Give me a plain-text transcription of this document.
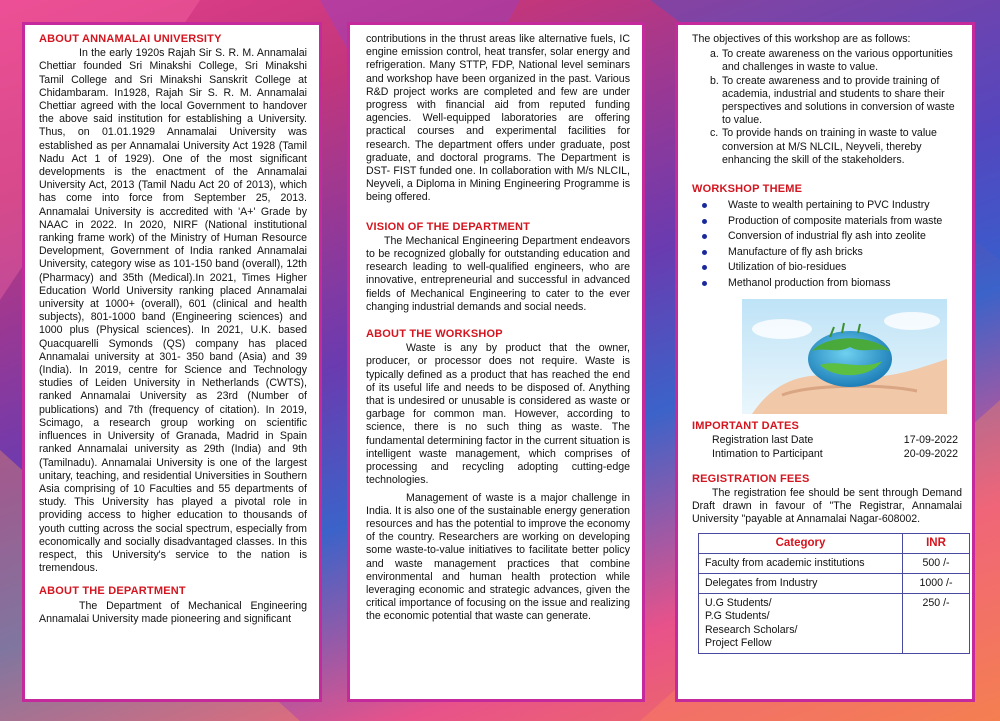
ABOUT ANNAMALAI UNIVERSITY

In the early 1920s Rajah Sir S. R. M. Annamalai Chettiar founded Sri Minakshi College, Sri Minakshi Tamil College and Sri Minakshi Sanskrit College at Chidambaram. In1928, Rajah Sir S. R. M. Annamalai Chettiar agreed with the local Government to handover the above said institution for establishing a University. Thus, on 01.01.1929 Annamalai University was established as per Annamalai University Act 1928 (Tamil Nadu Act 1 of 1929). One of the most significant developments is the enactment of the Annamalai University Act, 2013 (Tamil Nadu Act 20 of 2013), which has come into force from September 25, 2013. Annamalai University is accredited with 'A+' Grade by NAAC in 2022. In 2020, NIRF (National institutional ranking frame work) of the Ministry of Human Resource Development, Government of India ranked Annamalai University, category wise as 101-150 band (overall), 12th (Pharmacy) and 35th (Medical).In 2021, Times Higher Education World University ranking placed Annamalai university at 1000+ (overall), 601 (clinical and health subjects), 801-1000 band (Engineering sciences) and 1000 plus (Physical sciences). In 2021, U.K. based Quacquarelli Symonds (QS) company has placed Annamalai university at 301- 350 band (Asia) and 39 (India). In 2019, centre for Science and Technology studies of Leiden University in Netherlands (CWTS), ranked Annamalai University as 23rd (Number of publications) and 7th (frequency of citation). In 2019, Scimago, a research group working on scientific influences in University of Granada, Madrid in Spain ranked Annamalai university as 29th (India) and 9th (Tamilnadu). Annamalai University is one of the largest unitary, teaching, and residential Universities in Southern Asia comprising of 10 Faculties and 55 departments of study. This University has played a pivotal role in providing access to higher education to thousands of youth cutting across the social spectrum, especially from economically and socially disadvantaged classes. In this respect, this University's service to the nation is tremendous.

ABOUT THE DEPARTMENT

The Department of Mechanical Engineering Annamalai University made pioneering and significant

contributions in the thrust areas like alternative fuels, IC engine emission control, heat transfer, solar energy and refrigeration. Many STTP, FDP, National level seminars and workshop have been organized in the past. Various R&D project works are completed and few are under progress with financial aid from reputed funding agencies. Well-equipped laboratories are offering practical courses and experimental facilities for research. The department offers under graduate, post graduate, and doctoral programs. The Department is DST- FIST funded one. In collaboration with M/s NLCIL, Neyveli, a Diploma in Mining Engineering Programme is being offered.

VISION OF THE DEPARTMENT

The Mechanical Engineering Department endeavors to be recognized globally for outstanding education and research leading to well-qualified engineers, who are innovative, entrepreneurial and successful in advanced fields of Mechanical Engineering to cater to the ever changing industrial demands and social needs.

ABOUT THE WORKSHOP

Waste is any by product that the owner, producer, or processor does not require. Waste is typically defined as a product that has reached the end of its useful life and needs to be disposed of. Anything that is undesired or unusable is considered as waste or garbage for common man. However, according to science, there is no such thing as waste. The fundamental determining factor in the current situation is intelligent waste management, which comprises of processing and recycling adopting cutting-edge technologies.

Management of waste is a major challenge in India. It is also one of the sustainable energy generation resources and has the potential to improve the economy of the country. Researchers are working on developing some waste-to-value initiatives to facilitate better policy and waste management practices that combine environmental and human health protection while leveraging economic and strategic advances, given the critical importance of focusing on the issue and realizing the economic potential that waste can generate.

The objectives of this workshop are as follows:

a. To create awareness on the various opportunities and challenges in waste to value.
b. To create awareness and to provide training of academia, industrial and students to share their perspectives and solutions in conversion of waste to value.
c. To provide hands on training in waste to value conversion at M/S NLCIL, Neyveli, thereby enhancing the skill of the stakeholders.
WORKSHOP THEME
Waste to wealth pertaining to PVC Industry
Production of composite materials from waste
Conversion of industrial fly ash into zeolite
Manufacture of fly ash bricks
Utilization of bio-residues
Methanol production from biomass
IMPORTANT DATES
Registration last Date	17-09-2022
Intimation to Participant	20-09-2022
REGISTRATION FEES

The registration fee should be sent through Demand Draft drawn in favour of "The Registrar, Annamalai University "payable at Annamalai Nagar-608002.

Category	INR
Faculty from academic institutions	500 /-
Delegates from Industry	1000 /-
U.G Students/
P.G Students/
Research Scholars/
Project Fellow	250 /-
